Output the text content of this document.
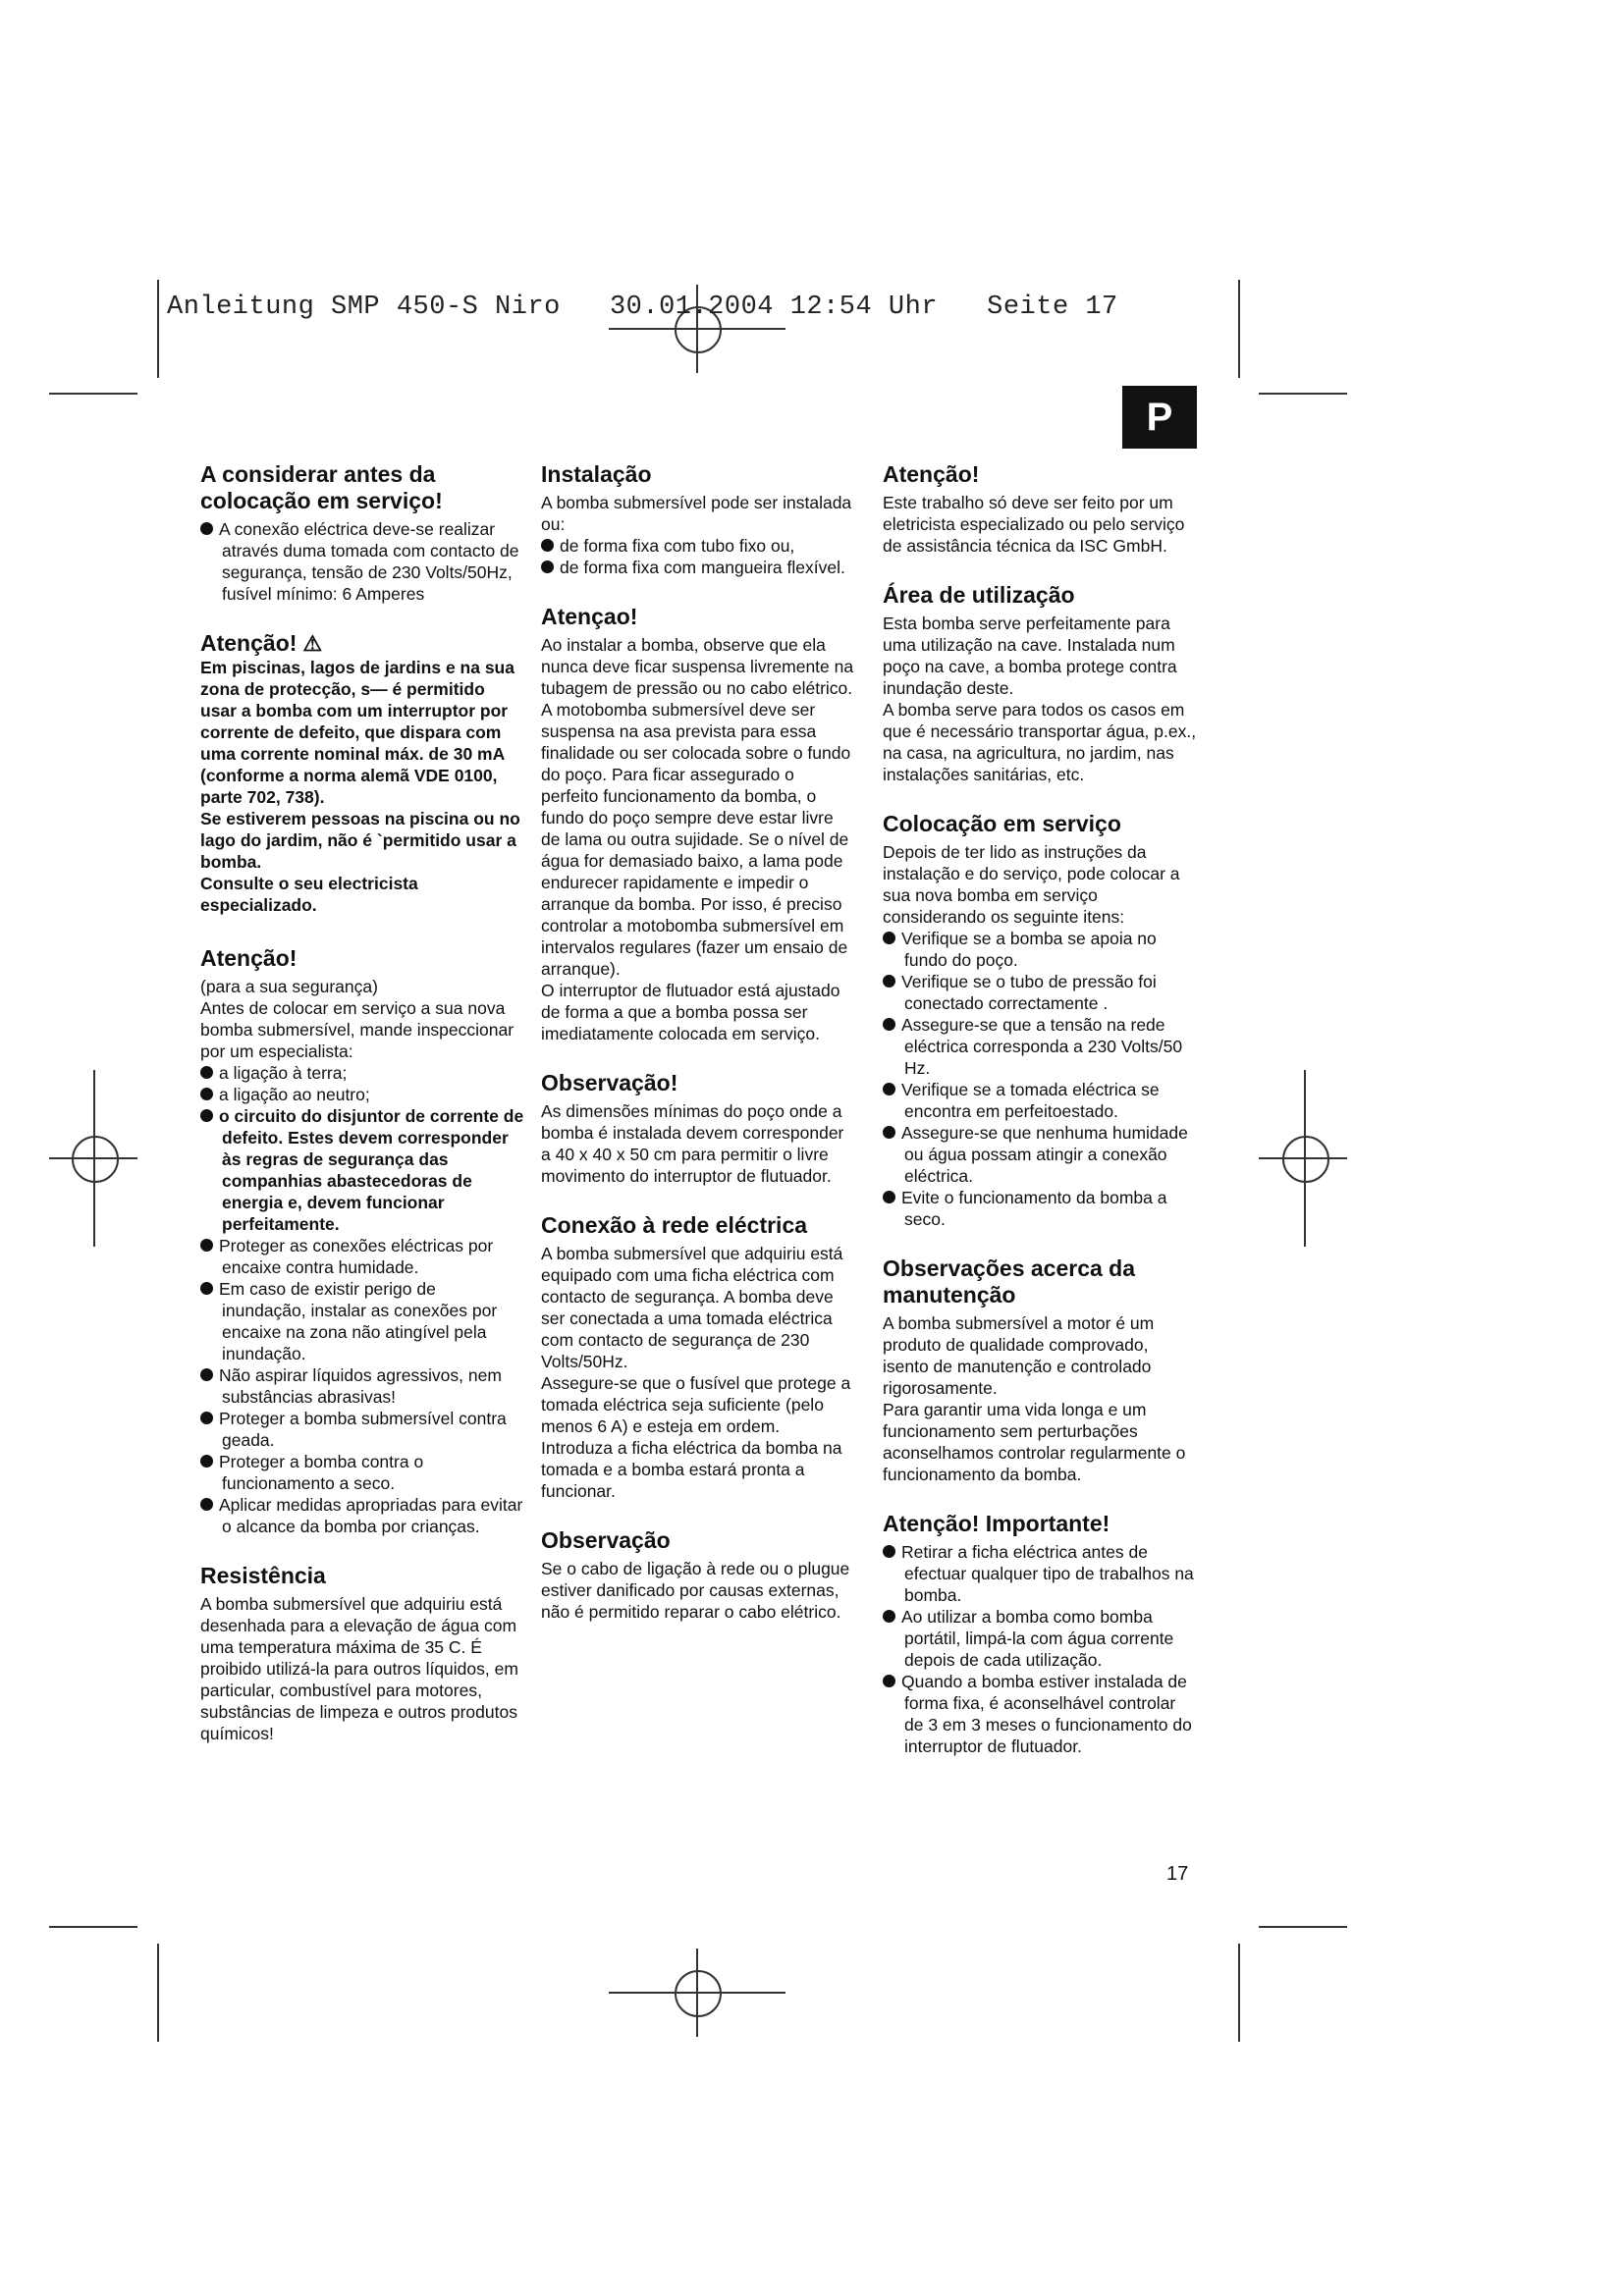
Anleitung SMP 450-S Niro   30.01.2004 12:54 Uhr   Seite 17
P
A considerar antes da colocação em serviço!
A conexão eléctrica deve-se realizar através duma tomada com contacto de segurança, tensão de 230 Volts/50Hz, fusível mínimo: 6 Amperes
Atenção! ⚠

Em piscinas, lagos de jardins e na sua zona de protecção, s— é permitido usar a bomba com um interruptor por corrente de defeito, que dispara com uma corrente nominal máx. de 30 mA (conforme a norma alemã VDE 0100, parte 702, 738).

Se estiverem pessoas na piscina ou no lago do jardim, não é `permitido usar a bomba.

Consulte o seu electricista especializado.

Atenção!

(para a sua segurança)

Antes de colocar em serviço a sua nova bomba submersível, mande inspeccionar por um especialista:

a ligação à terra;
a ligação ao neutro;
o circuito do disjuntor de corrente de defeito. Estes devem corresponder às regras de segurança das companhias abastecedoras de energia e, devem funcionar perfeitamente.
Proteger as conexões eléctricas por encaixe contra humidade.
Em caso de existir perigo de inundação, instalar as conexões por encaixe na zona não atingível pela inundação.
Não aspirar líquidos agressivos, nem substâncias abrasivas!
Proteger a bomba submersível contra geada.
Proteger a bomba contra o funcionamento a seco.
Aplicar medidas apropriadas para evitar o alcance da bomba por crianças.
Resistência

A bomba submersível que adquiriu está desenhada para a elevação de água com uma temperatura máxima de 35 C. É proibido utilizá-la para outros líquidos, em particular, combustível para motores, substâncias de limpeza e outros produtos químicos!

Instalação

A bomba submersível pode ser instalada ou:

de forma fixa com tubo fixo ou,
de forma fixa com mangueira flexível.
Atençao!

Ao instalar a bomba, observe que ela nunca deve ficar suspensa livremente na tubagem de pressão ou no cabo elétrico. A motobomba submersível deve ser suspensa na asa prevista para essa finalidade ou ser colocada sobre o fundo do poço. Para ficar assegurado o perfeito funcionamento da bomba, o fundo do poço sempre deve estar livre de lama ou outra sujidade. Se o nível de água for demasiado baixo, a lama pode endurecer rapidamente e impedir o arranque da bomba. Por isso, é preciso controlar a motobomba submersível em intervalos regulares (fazer um ensaio de arranque).

O interruptor de flutuador está ajustado de forma a que a bomba possa ser imediatamente colocada em serviço.

Observação!

As dimensões mínimas do poço onde a bomba é instalada devem corresponder a 40 x 40 x 50 cm para permitir o livre movimento do interruptor de flutuador.

Conexão à rede eléctrica

A bomba submersível que adquiriu está equipado com uma ficha eléctrica com contacto de segurança. A bomba deve ser conectada a uma tomada eléctrica com contacto de segurança de 230 Volts/50Hz.

Assegure-se que o fusível que protege a tomada eléctrica seja suficiente (pelo menos 6 A) e esteja em ordem.

Introduza a ficha eléctrica da bomba na tomada e a bomba estará pronta a funcionar.

Observação

Se o cabo de ligação à rede ou o plugue estiver danificado por causas externas, não é permitido reparar o cabo elétrico.

Atenção!

Este trabalho só deve ser feito por um eletricista especializado ou pelo serviço de assistância técnica da ISC GmbH.

Área de utilização

Esta bomba serve perfeitamente para uma utilização na cave. Instalada num poço na cave, a bomba protege contra inundação deste.

A bomba serve para todos os casos em que é necessário transportar água, p.ex., na casa, na agricultura, no jardim, nas instalações sanitárias, etc.

Colocação em serviço

Depois de ter lido as instruções da instalação e do serviço, pode colocar a sua nova bomba em serviço considerando os seguinte itens:

Verifique se a bomba se apoia no fundo do poço.
Verifique se o tubo de pressão foi conectado correctamente .
Assegure-se que a tensão na rede eléctrica corresponda a 230 Volts/50 Hz.
Verifique se a tomada eléctrica se encontra em perfeitoestado.
Assegure-se que nenhuma humidade ou água possam atingir a conexão eléctrica.
Evite o funcionamento da bomba a seco.
Observações acerca da manutenção

A bomba submersível a motor é um produto de qualidade comprovado, isento de manutenção e controlado rigorosamente.

Para garantir uma vida longa e um funcionamento sem perturbações aconselhamos controlar regularmente o funcionamento da bomba.

Atenção! Importante!
Retirar a ficha eléctrica antes de efectuar qualquer tipo de trabalhos na bomba.
Ao utilizar a bomba como bomba portátil, limpá-la com água corrente depois de cada utilização.
Quando a bomba estiver instalada de forma fixa, é aconselhável controlar de 3 em 3 meses o funcionamento do interruptor de flutuador.
17
